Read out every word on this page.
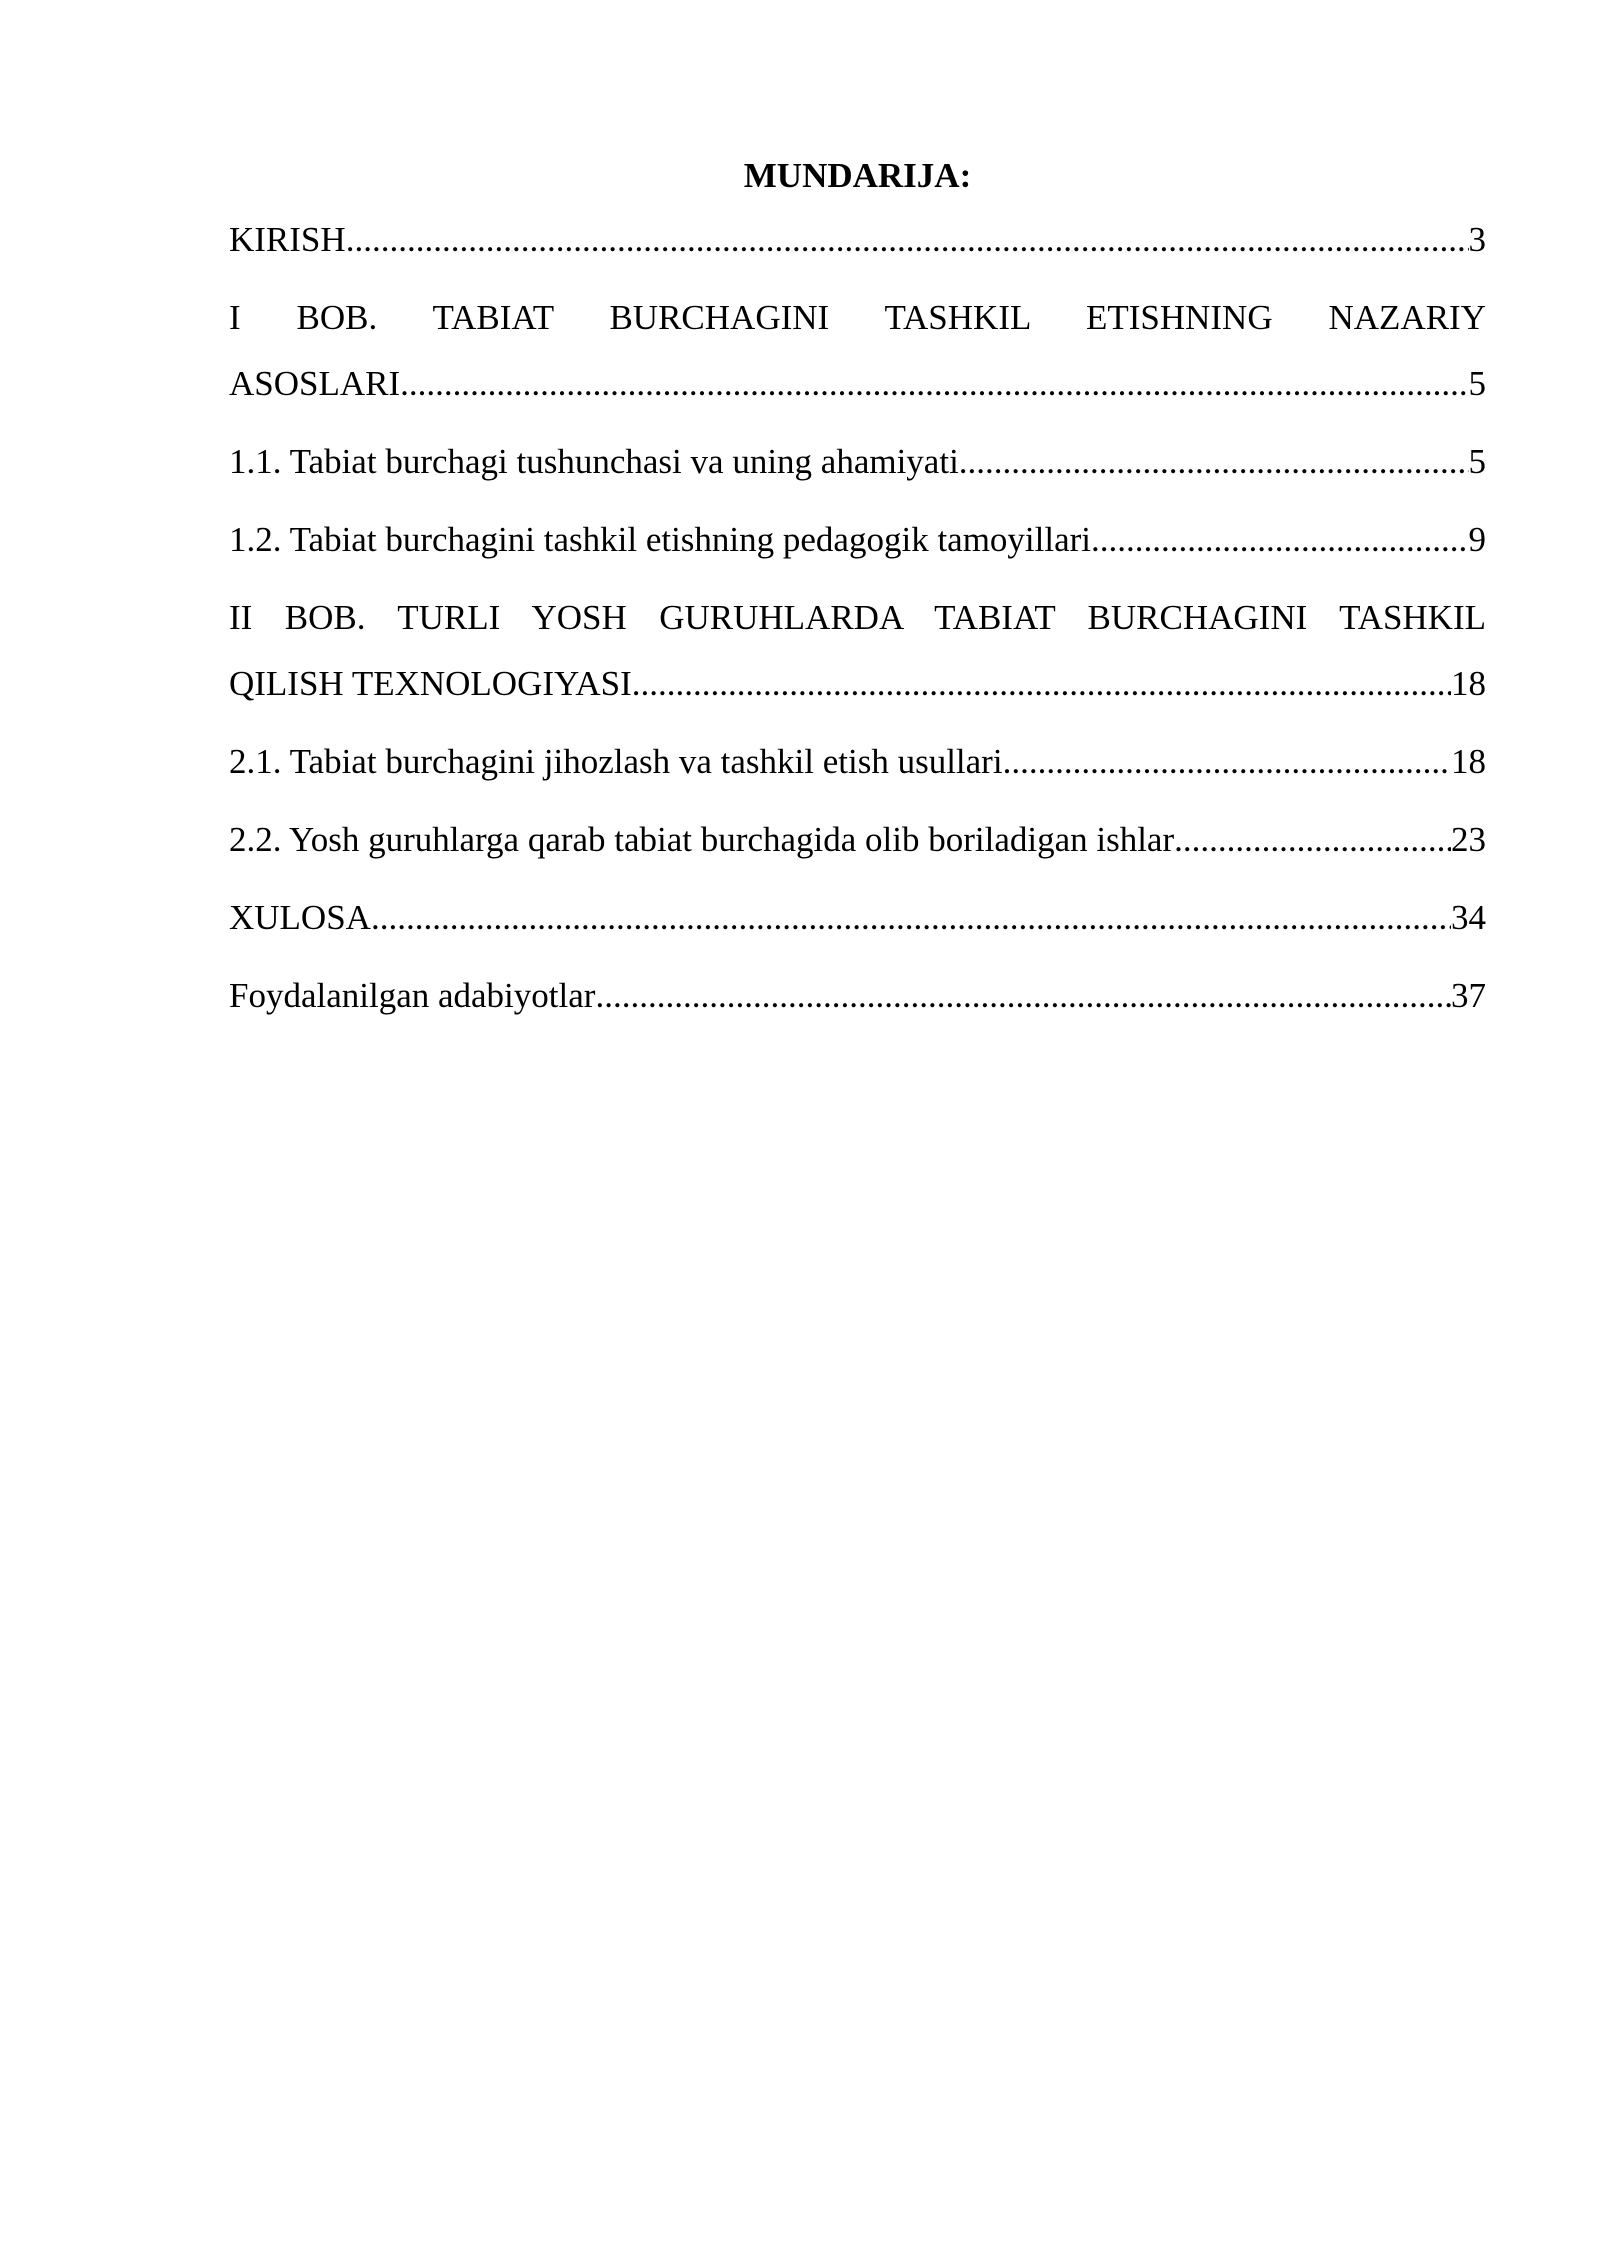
MUNDARIJA:
KIRISH .....	3
I BOB. TABIAT BURCHAGINI TASHKIL ETISHNING NAZARIY
ASOSLARI .....	5
1.1. Tabiat burchagi tushunchasi va uning ahamiyati .....	5
1.2. Tabiat burchagini tashkil etishning pedagogik tamoyillari .....	9
II BOB. TURLI YOSH GURUHLARDA TABIAT BURCHAGINI TASHKIL
QILISH TEXNOLOGIYASI .....	18
2.1. Tabiat burchagini jihozlash va tashkil etish usullari .....	18
2.2. Yosh guruhlarga qarab tabiat burchagida olib boriladigan ishlar .....	23
XULOSA .....	34
Foydalanilgan adabiyotlar .....	37
